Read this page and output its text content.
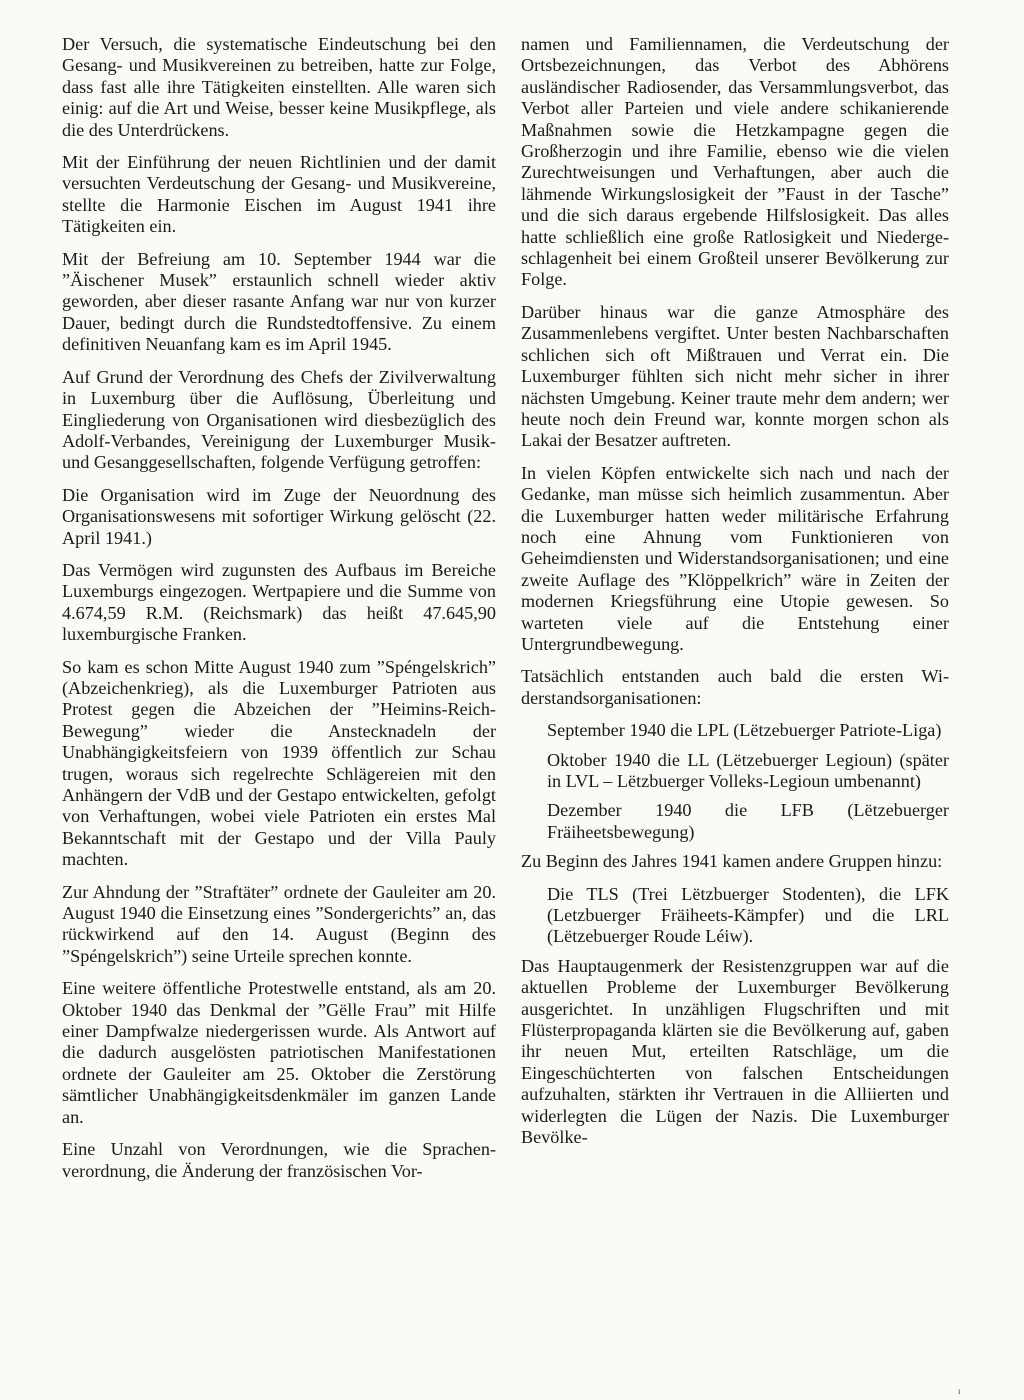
Der Versuch, die systematische Eindeutschung bei den Gesang- und Musikvereinen zu betreiben, hatte zur Folge, dass fast alle ihre Tätigkeiten einstellten. Alle waren sich einig: auf die Art und Weise, besser keine Musikpflege, als die des Unterdrückens.

Mit der Einführung der neuen Richtlinien und der damit versuchten Verdeutschung der Gesang- und Musikvereine, stellte die Harmonie Eischen im August 1941 ihre Tätigkeiten ein.

Mit der Befreiung am 10. September 1944 war die ”Äischener Musek” erstaunlich schnell wieder aktiv geworden, aber dieser rasante Anfang war nur von kurzer Dauer, bedingt durch die Rundstedtoffensive. Zu einem definitiven Neuanfang kam es im April 1945.

Auf Grund der Verordnung des Chefs der Zivilverwaltung in Luxemburg über die Auflösung, Überleitung und Eingliederung von Organisationen wird diesbezüglich des Adolf-Verbandes, Vereinigung der Luxemburger Musik- und Gesanggesellschaften, folgende Verfügung getroffen:

Die Organisation wird im Zuge der Neuordnung des Organisationswesens mit sofortiger Wirkung gelöscht (22. April 1941.)

Das Vermögen wird zugunsten des Aufbaus im Bereiche Luxemburgs eingezogen. Wertpapiere und die Summe von 4.674,59 R.M. (Reichsmark) das heißt 47.645,90 luxemburgische Franken.

So kam es schon Mitte August 1940 zum ”Spéngelskrich” (Abzeichenkrieg), als die Luxemburger Patrioten aus Protest gegen die Abzeichen der ”Heimins-Reich-Bewegung” wieder die Anstecknadeln der Unabhängigkeitsfeiern von 1939 öffentlich zur Schau trugen, woraus sich regelrechte Schlägereien mit den Anhängern der VdB und der Gestapo entwickelten, gefolgt von Verhaftungen, wobei viele Patrioten ein erstes Mal Bekanntschaft mit der Gestapo und der Villa Pauly machten.

Zur Ahndung der ”Straftäter” ordnete der Gauleiter am 20. August 1940 die Einsetzung eines ”Sondergerichts” an, das rückwirkend auf den 14. August (Beginn des ”Spéngelskrich”) seine Urteile sprechen konnte.

Eine weitere öffentliche Protestwelle entstand, als am 20. Oktober 1940 das Denkmal der ”Gëlle Frau” mit Hilfe einer Dampfwalze niedergerissen wurde. Als Antwort auf die dadurch ausgelösten patriotischen Manifestationen ordnete der Gauleiter am 25. Oktober die Zerstörung sämtlicher Unabhängigkeitsdenkmäler im ganzen Lande an.

Eine Unzahl von Verordnungen, wie die Sprachenverordnung, die Änderung der französischen Vor-

namen und Familiennamen, die Verdeutschung der Ortsbezeichnungen, das Verbot des Abhörens ausländischer Radiosender, das Versammlungsverbot, das Verbot aller Parteien und viele andere schikanierende Maßnahmen sowie die Hetzkampagne gegen die Großherzogin und ihre Familie, ebenso wie die vielen Zurechtweisungen und Verhaftungen, aber auch die lähmende Wirkungslosigkeit der ”Faust in der Tasche” und die sich daraus ergebende Hilfslosigkeit. Das alles hatte schließlich eine große Ratlosigkeit und Niedergeschlagenheit bei einem Großteil unserer Bevölkerung zur Folge.

Darüber hinaus war die ganze Atmosphäre des Zusammenlebens vergiftet. Unter besten Nachbarschaften schlichen sich oft Mißtrauen und Verrat ein. Die Luxemburger fühlten sich nicht mehr sicher in ihrer nächsten Umgebung. Keiner traute mehr dem andern; wer heute noch dein Freund war, konnte morgen schon als Lakai der Besatzer auftreten.

In vielen Köpfen entwickelte sich nach und nach der Gedanke, man müsse sich heimlich zusammentun. Aber die Luxemburger hatten weder militärische Erfahrung noch eine Ahnung vom Funktionieren von Geheimdiensten und Widerstandsorganisationen; und eine zweite Auflage des ”Klöppelkrich” wäre in Zeiten der modernen Kriegsführung eine Utopie gewesen. So warteten viele auf die Entstehung einer Untergrundbewegung.

Tatsächlich entstanden auch bald die ersten Widerstandsorganisationen:

September 1940 die LPL (Lëtzebuerger Patriote-Liga)

Oktober 1940 die LL (Lëtzebuerger Legioun) (später in LVL – Lëtzbuerger Volleks-Legioun umbenannt)

Dezember 1940 die LFB (Lëtzebuerger Fräiheetsbewegung)

Zu Beginn des Jahres 1941 kamen andere Gruppen hinzu:

Die TLS (Trei Lëtzbuerger Stodenten), die LFK (Letzbuerger Fräiheets-Kämpfer) und die LRL (Lëtzebuerger Roude Léiw).

Das Hauptaugenmerk der Resistenzgruppen war auf die aktuellen Probleme der Luxemburger Bevölkerung ausgerichtet. In unzähligen Flugschriften und mit Flüsterpropaganda klärten sie die Bevölkerung auf, gaben ihr neuen Mut, erteilten Ratschläge, um die Eingeschüchterten von falschen Entscheidungen aufzuhalten, stärkten ihr Vertrauen in die Alliierten und widerlegten die Lügen der Nazis. Die Luxemburger Bevölke-

ı
